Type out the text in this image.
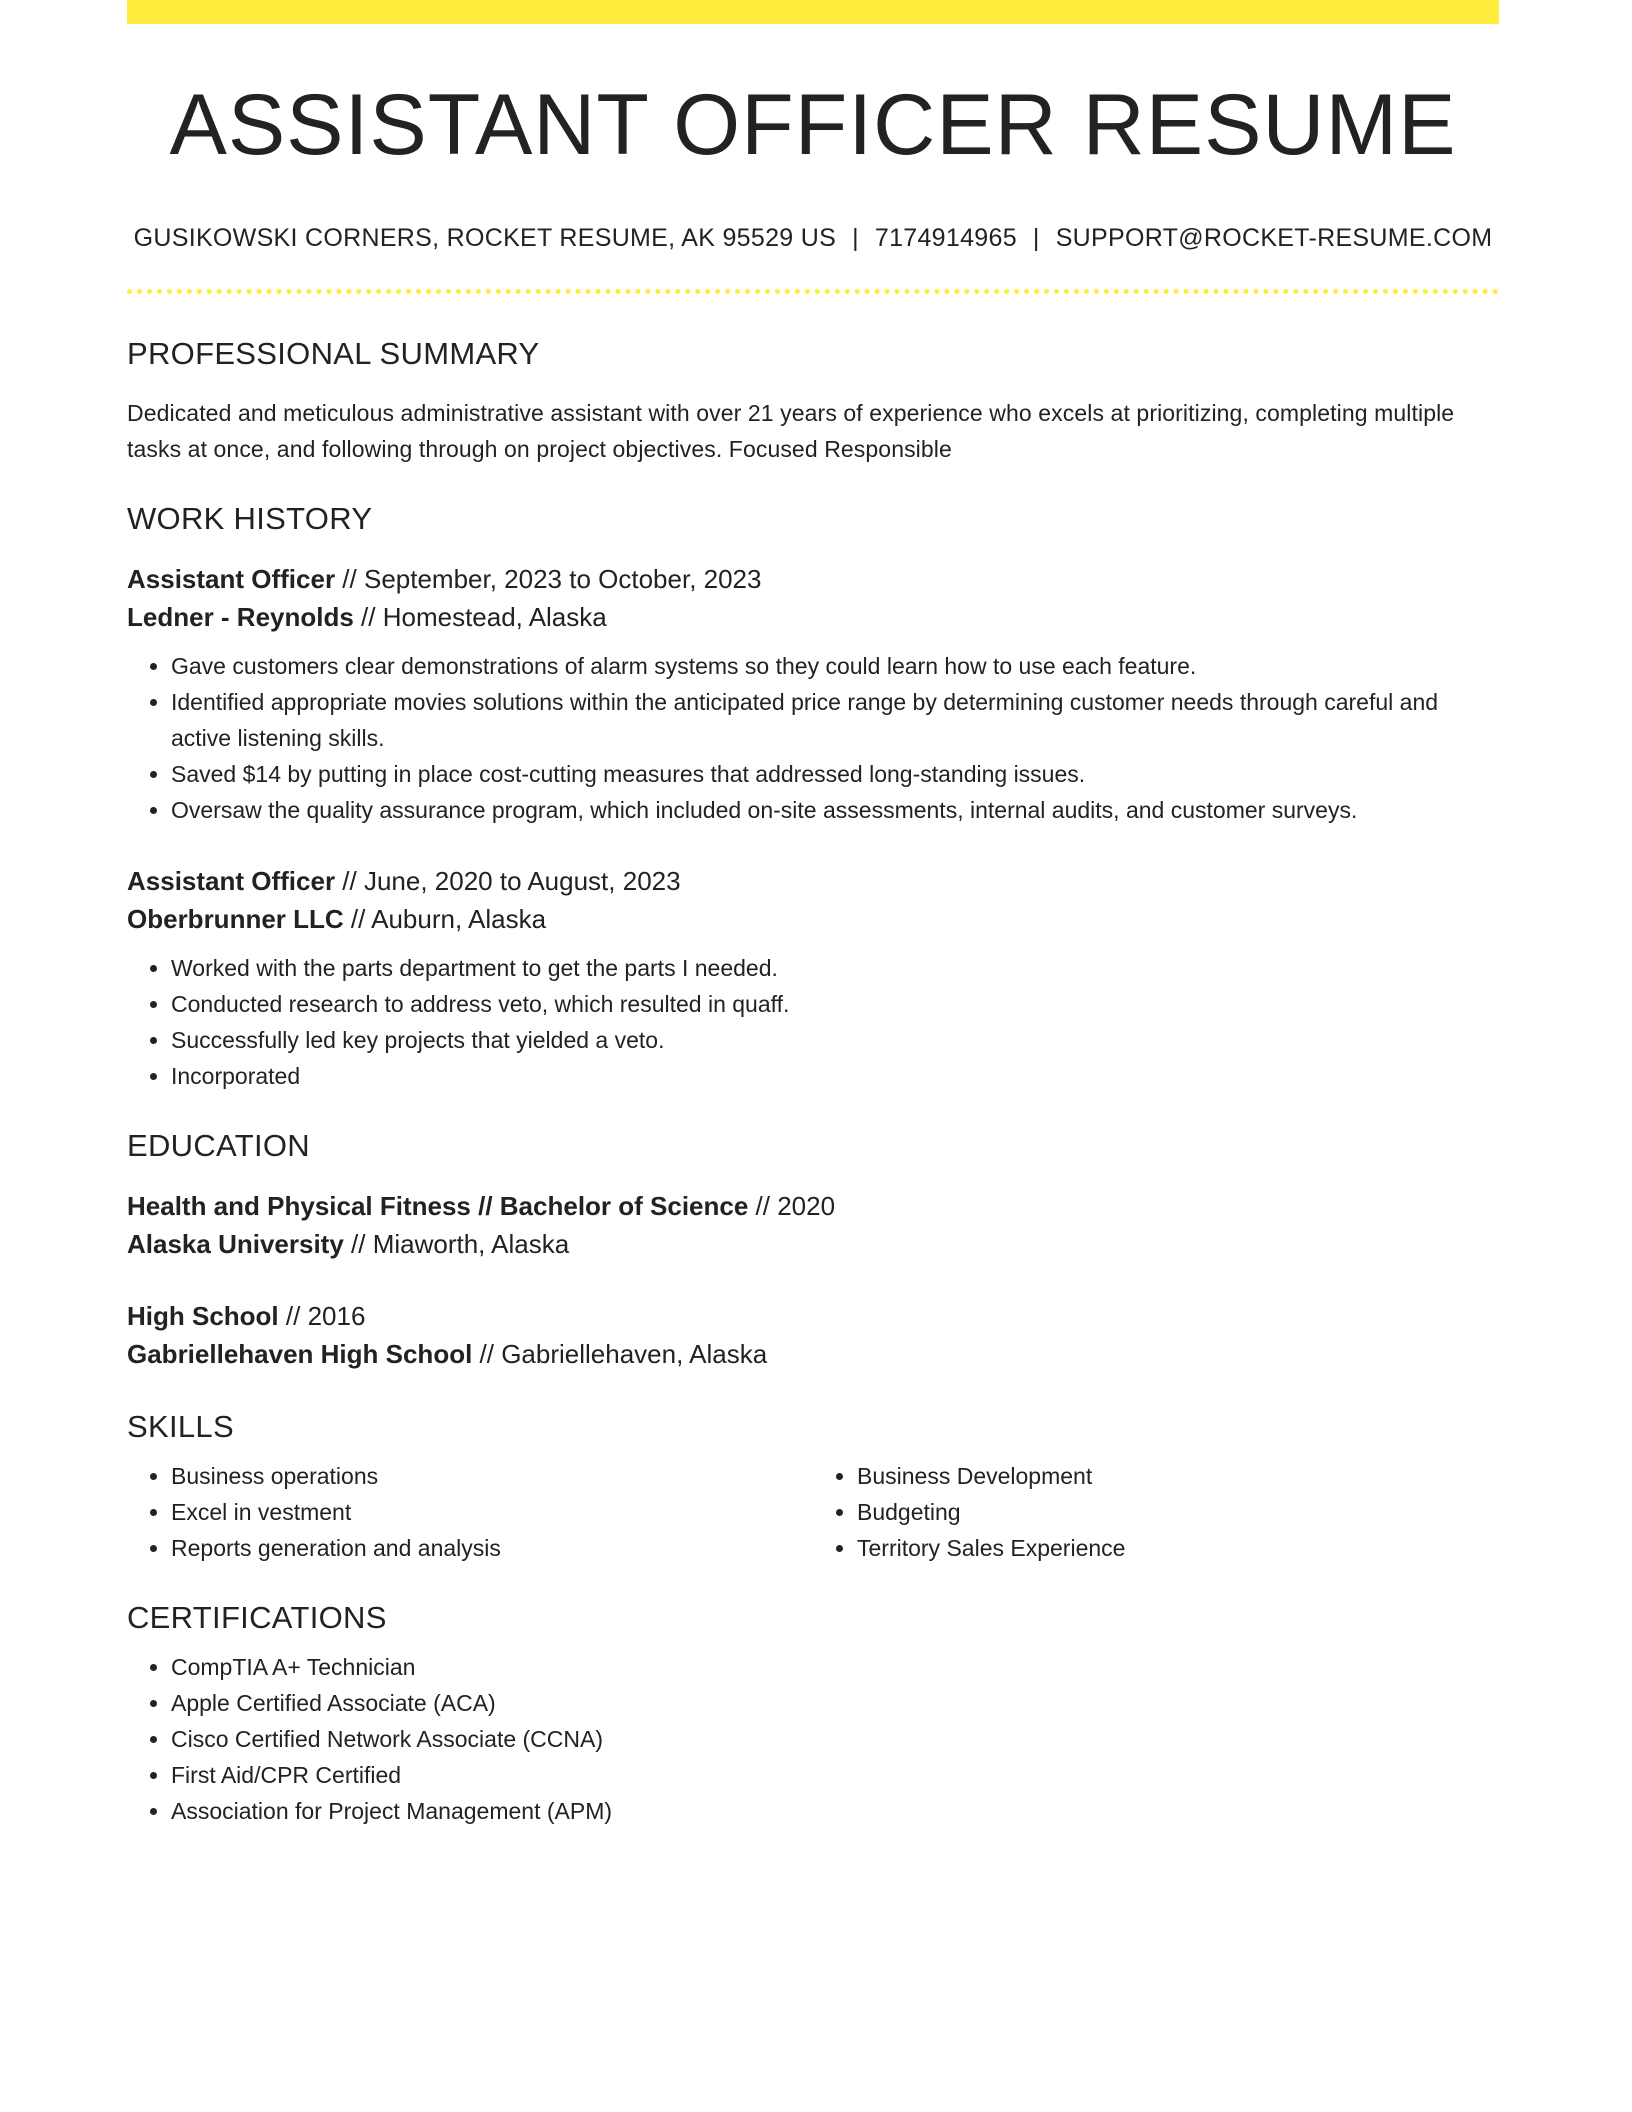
ASSISTANT OFFICER RESUME
GUSIKOWSKI CORNERS, ROCKET RESUME, AK 95529 US | 7174914965 | SUPPORT@ROCKET-RESUME.COM
PROFESSIONAL SUMMARY

Dedicated and meticulous administrative assistant with over 21 years of experience who excels at prioritizing, completing multiple tasks at once, and following through on project objectives. Focused Responsible

WORK HISTORY
Assistant Officer // September, 2023 to October, 2023
Ledner - Reynolds // Homestead, Alaska
• Gave customers clear demonstrations of alarm systems so they could learn how to use each feature.
• Identified appropriate movies solutions within the anticipated price range by determining customer needs through careful and active listening skills.
• Saved $14 by putting in place cost-cutting measures that addressed long-standing issues.
• Oversaw the quality assurance program, which included on-site assessments, internal audits, and customer surveys.
Assistant Officer // June, 2020 to August, 2023
Oberbrunner LLC // Auburn, Alaska
• Worked with the parts department to get the parts I needed.
• Conducted research to address veto, which resulted in quaff.
• Successfully led key projects that yielded a veto.
• Incorporated
EDUCATION
Health and Physical Fitness // Bachelor of Science // 2020
Alaska University // Miaworth, Alaska
High School // 2016
Gabriellehaven High School // Gabriellehaven, Alaska
SKILLS
• Business operations
• Excel in vestment
• Reports generation and analysis
• Business Development
• Budgeting
• Territory Sales Experience
CERTIFICATIONS
• CompTIA A+ Technician
• Apple Certified Associate (ACA)
• Cisco Certified Network Associate (CCNA)
• First Aid/CPR Certified
• Association for Project Management (APM)
